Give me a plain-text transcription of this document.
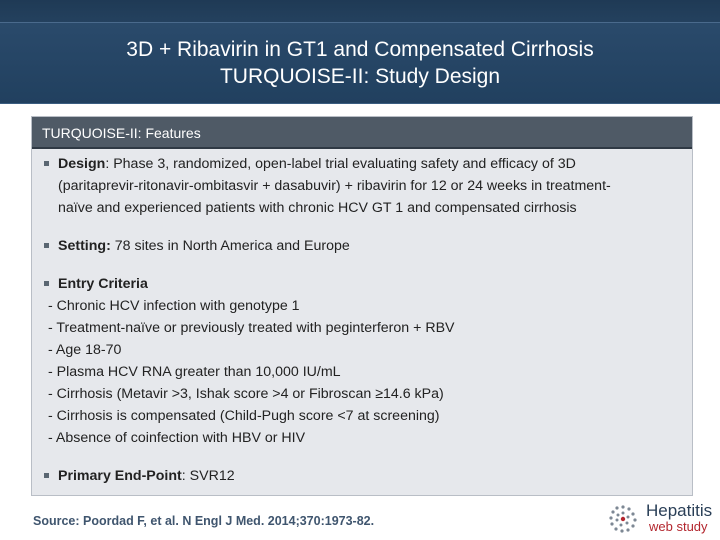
3D + Ribavirin in GT1 and Compensated Cirrhosis
TURQUOISE-II: Study Design
TURQUOISE-II: Features
Design: Phase 3, randomized, open-label trial evaluating safety and efficacy of 3D
(paritaprevir-ritonavir-ombitasvir + dasabuvir) + ribavirin for 12 or 24 weeks in treatment-
naïve and experienced patients with chronic HCV GT 1 and compensated cirrhosis
Setting: 78 sites in North America and Europe
Entry Criteria
- Chronic HCV infection with genotype 1
- Treatment-naïve or previously treated with peginterferon + RBV
- Age 18-70
- Plasma HCV RNA greater than 10,000 IU/mL
- Cirrhosis (Metavir >3, Ishak score >4 or Fibroscan ≥14.6 kPa)
- Cirrhosis is compensated (Child-Pugh score <7 at screening)
- Absence of coinfection with HBV or HIV
Primary End-Point: SVR12
Source: Poordad F, et al. N Engl J Med. 2014;370:1973-82.
Hepatitis
web study
